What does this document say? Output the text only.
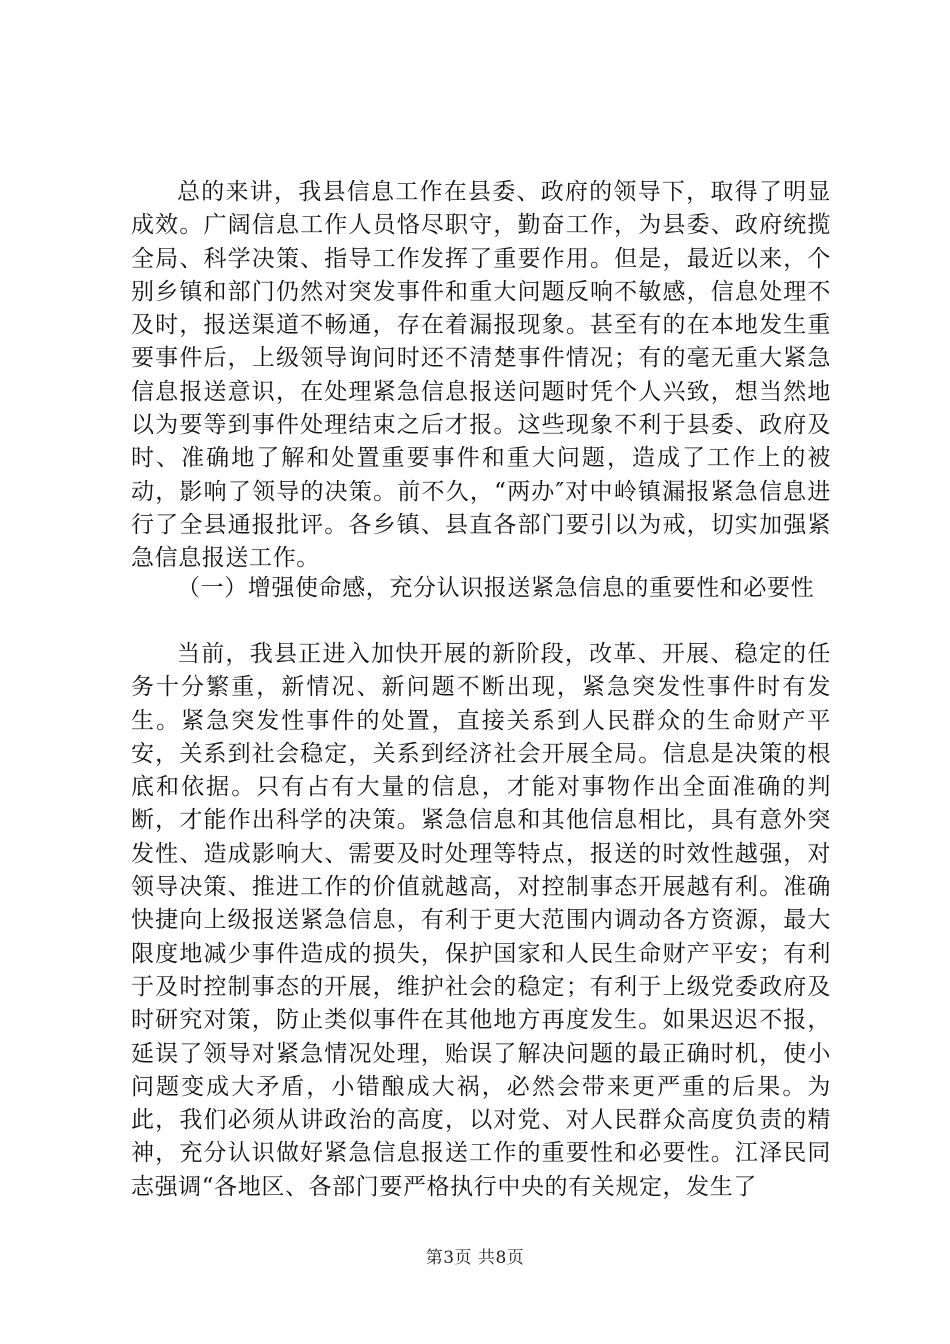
总的来讲，我县信息工作在县委、政府的领导下，取得了明显成效。广阔信息工作人员恪尽职守，勤奋工作，为县委、政府统揽全局、科学决策、指导工作发挥了重要作用。但是，最近以来，个别乡镇和部门仍然对突发事件和重大问题反响不敏感，信息处理不及时，报送渠道不畅通，存在着漏报现象。甚至有的在本地发生重要事件后，上级领导询问时还不清楚事件情况；有的毫无重大紧急信息报送意识，在处理紧急信息报送问题时凭个人兴致，想当然地以为要等到事件处理结束之后才报。这些现象不利于县委、政府及时、准确地了解和处置重要事件和重大问题，造成了工作上的被动，影响了领导的决策。前不久，“两办″对中岭镇漏报紧急信息进行了全县通报批评。各乡镇、县直各部门要引以为戒，切实加强紧急信息报送工作。

（一）增强使命感，充分认识报送紧急信息的重要性和必要性

当前，我县正进入加快开展的新阶段，改革、开展、稳定的任务十分繁重，新情况、新问题不断出现，紧急突发性事件时有发生。紧急突发性事件的处置，直接关系到人民群众的生命财产平安，关系到社会稳定，关系到经济社会开展全局。信息是决策的根底和依据。只有占有大量的信息，才能对事物作出全面准确的判断，才能作出科学的决策。紧急信息和其他信息相比，具有意外突发性、造成影响大、需要及时处理等特点，报送的时效性越强，对领导决策、推进工作的价值就越高，对控制事态开展越有利。准确快捷向上级报送紧急信息，有利于更大范围内调动各方资源，最大限度地减少事件造成的损失，保护国家和人民生命财产平安；有利于及时控制事态的开展，维护社会的稳定；有利于上级党委政府及时研究对策，防止类似事件在其他地方再度发生。如果迟迟不报，延误了领导对紧急情况处理，贻误了解决问题的最正确时机，使小问题变成大矛盾，小错酿成大祸，必然会带来更严重的后果。为此，我们必须从讲政治的高度，以对党、对人民群众高度负责的精神，充分认识做好紧急信息报送工作的重要性和必要性。江泽民同志强调“各地区、各部门要严格执行中央的有关规定，发生了

第3页 共8页
